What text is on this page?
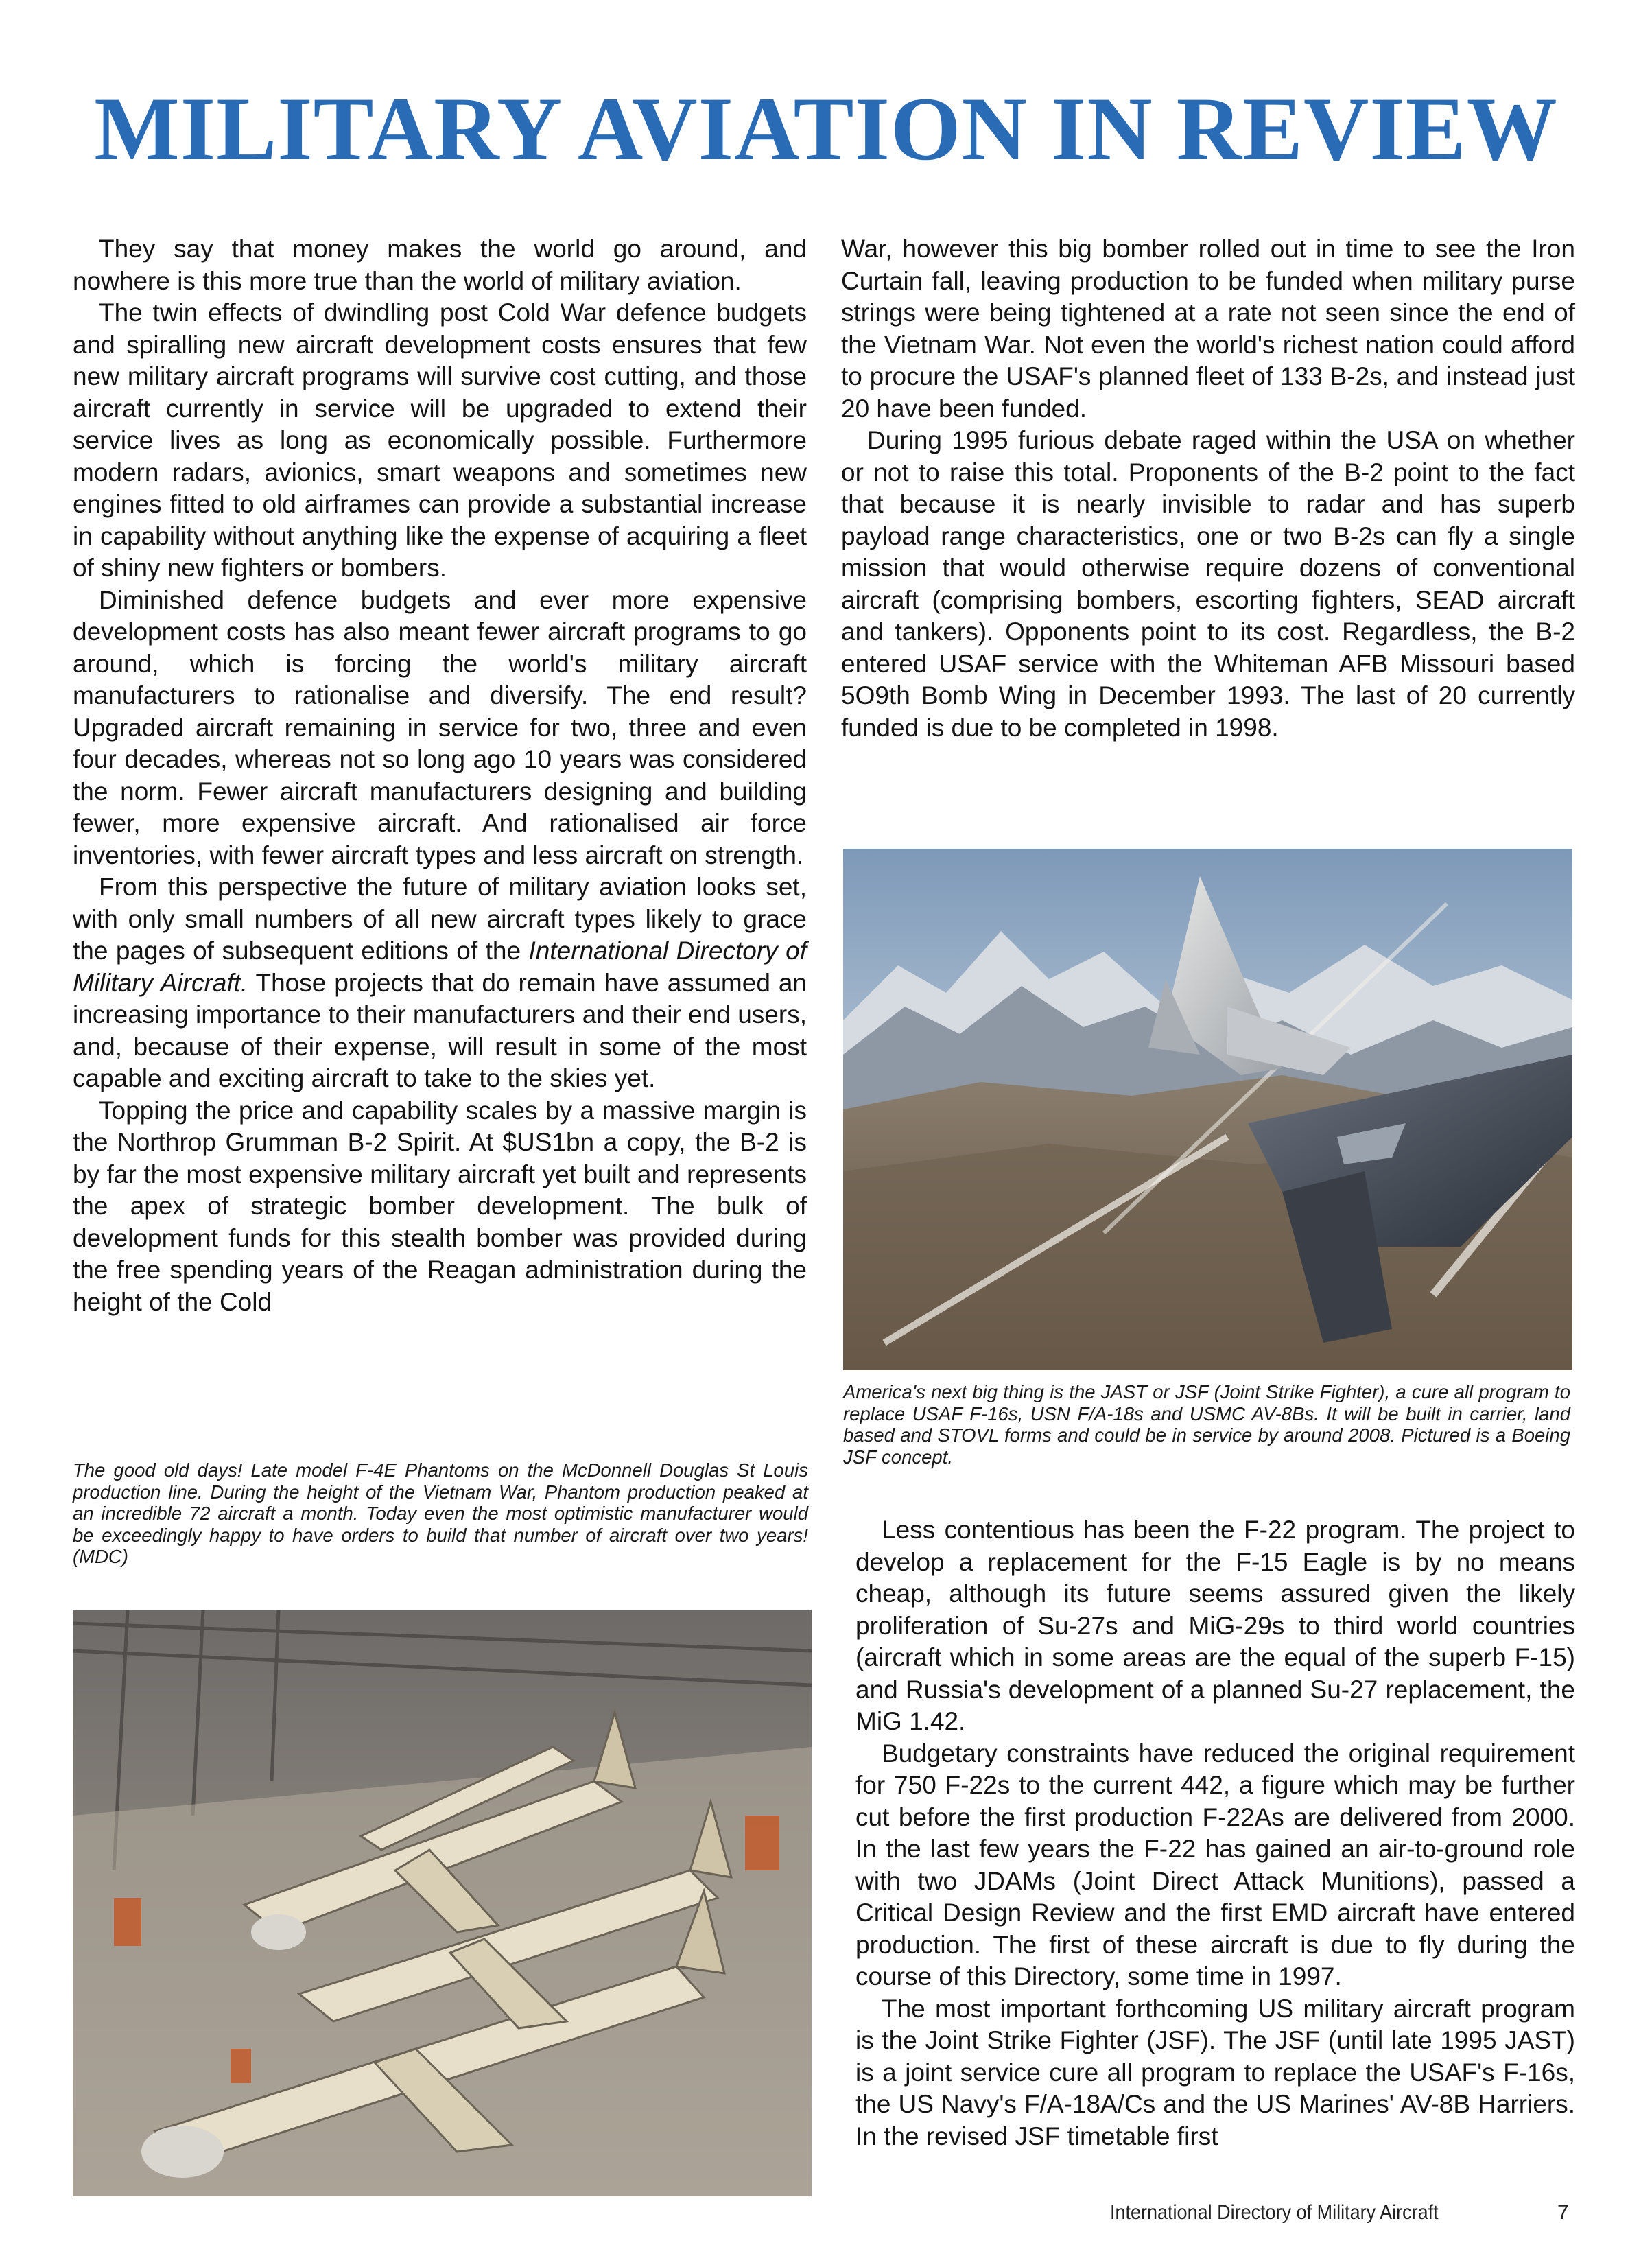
MILITARY AVIATION IN REVIEW

They say that money makes the world go around, and nowhere is this more true than the world of military aviation.

The twin effects of dwindling post Cold War defence budgets and spiralling new aircraft development costs ensures that few new military aircraft programs will survive cost cutting, and those aircraft currently in service will be upgraded to extend their service lives as long as economically possible. Furthermore modern radars, avionics, smart weapons and sometimes new engines fitted to old airframes can provide a substantial increase in capability without anything like the expense of acquiring a fleet of shiny new fighters or bombers.

Diminished defence budgets and ever more expensive development costs has also meant fewer aircraft programs to go around, which is forcing the world's military aircraft manufacturers to rationalise and diversify. The end result? Upgraded aircraft remaining in service for two, three and even four decades, whereas not so long ago 10 years was considered the norm. Fewer aircraft manufacturers designing and building fewer, more expensive aircraft. And rationalised air force inventories, with fewer aircraft types and less aircraft on strength.

From this perspective the future of military aviation looks set, with only small numbers of all new aircraft types likely to grace the pages of subsequent editions of the International Directory of Military Aircraft. Those projects that do remain have assumed an increasing importance to their manufacturers and their end users, and, because of their expense, will result in some of the most capable and exciting aircraft to take to the skies yet.

Topping the price and capability scales by a massive margin is the Northrop Grumman B-2 Spirit. At $US1bn a copy, the B-2 is by far the most expensive military aircraft yet built and represents the apex of strategic bomber development. The bulk of development funds for this stealth bomber was provided during the free spending years of the Reagan administration during the height of the Cold

War, however this big bomber rolled out in time to see the Iron Curtain fall, leaving production to be funded when military purse strings were being tightened at a rate not seen since the end of the Vietnam War. Not even the world's richest nation could afford to procure the USAF's planned fleet of 133 B-2s, and instead just 20 have been funded.

During 1995 furious debate raged within the USA on whether or not to raise this total. Proponents of the B-2 point to the fact that because it is nearly invisible to radar and has superb payload range characteristics, one or two B-2s can fly a single mission that would otherwise require dozens of conventional aircraft (comprising bombers, escorting fighters, SEAD aircraft and tankers). Opponents point to its cost. Regardless, the B-2 entered USAF service with the Whiteman AFB Missouri based 5O9th Bomb Wing in December 1993. The last of 20 currently funded is due to be completed in 1998.

America's next big thing is the JAST or JSF (Joint Strike Fighter), a cure all program to replace USAF F-16s, USN F/A-18s and USMC AV-8Bs. It will be built in carrier, land based and STOVL forms and could be in service by around 2008. Pictured is a Boeing JSF concept.

Less contentious has been the F-22 program. The project to develop a replacement for the F-15 Eagle is by no means cheap, although its future seems assured given the likely proliferation of Su-27s and MiG-29s to third world countries (aircraft which in some areas are the equal of the superb F-15) and Russia's development of a planned Su-27 replacement, the MiG 1.42.

Budgetary constraints have reduced the original requirement for 750 F-22s to the current 442, a figure which may be further cut before the first production F-22As are delivered from 2000. In the last few years the F-22 has gained an air-to-ground role with two JDAMs (Joint Direct Attack Munitions), passed a Critical Design Review and the first EMD aircraft have entered production. The first of these aircraft is due to fly during the course of this Directory, some time in 1997.

The most important forthcoming US military aircraft program is the Joint Strike Fighter (JSF). The JSF (until late 1995 JAST) is a joint service cure all program to replace the USAF's F-16s, the US Navy's F/A-18A/Cs and the US Marines' AV-8B Harriers. In the revised JSF timetable first

The good old days! Late model F-4E Phantoms on the McDonnell Douglas St Louis production line. During the height of the Vietnam War, Phantom production peaked at an incredible 72 aircraft a month. Today even the most optimistic manufacturer would be exceedingly happy to have orders to build that number of aircraft over two years! (MDC)
International Directory of Military Aircraft	7
